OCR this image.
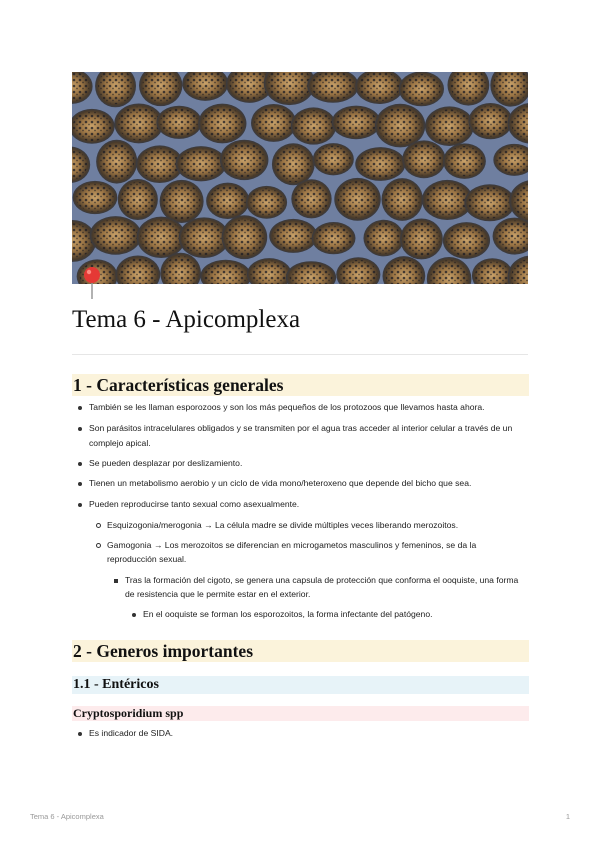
Tema 6 - Apicomplexa
1 - Características generales
También se les llaman esporozoos y son los más pequeños de los protozoos que llevamos hasta ahora.
Son parásitos intracelulares obligados y se transmiten por el agua tras acceder al interior celular a través de un
complejo apical.
Se pueden desplazar por deslizamiento.
Tienen un metabolismo aerobio y un ciclo de vida mono/heteroxeno que depende del bicho que sea.
Pueden reproducirse tanto sexual como asexualmente.
Esquizogonia/merogonia → La célula madre se divide múltiples veces liberando merozoitos.
Gamogonia → Los merozoitos se diferencian en microgametos masculinos y femeninos, se da la
reproducción sexual.
Tras la formación del cigoto, se genera una capsula de protección que conforma el ooquiste, una forma
de resistencia que le permite estar en el exterior.
En el ooquiste se forman los esporozoitos, la forma infectante del patógeno.
2 - Generos importantes
1.1 - Entéricos
Cryptosporidium spp
Es indicador de SIDA.
Tema 6 - Apicomplexa	1
